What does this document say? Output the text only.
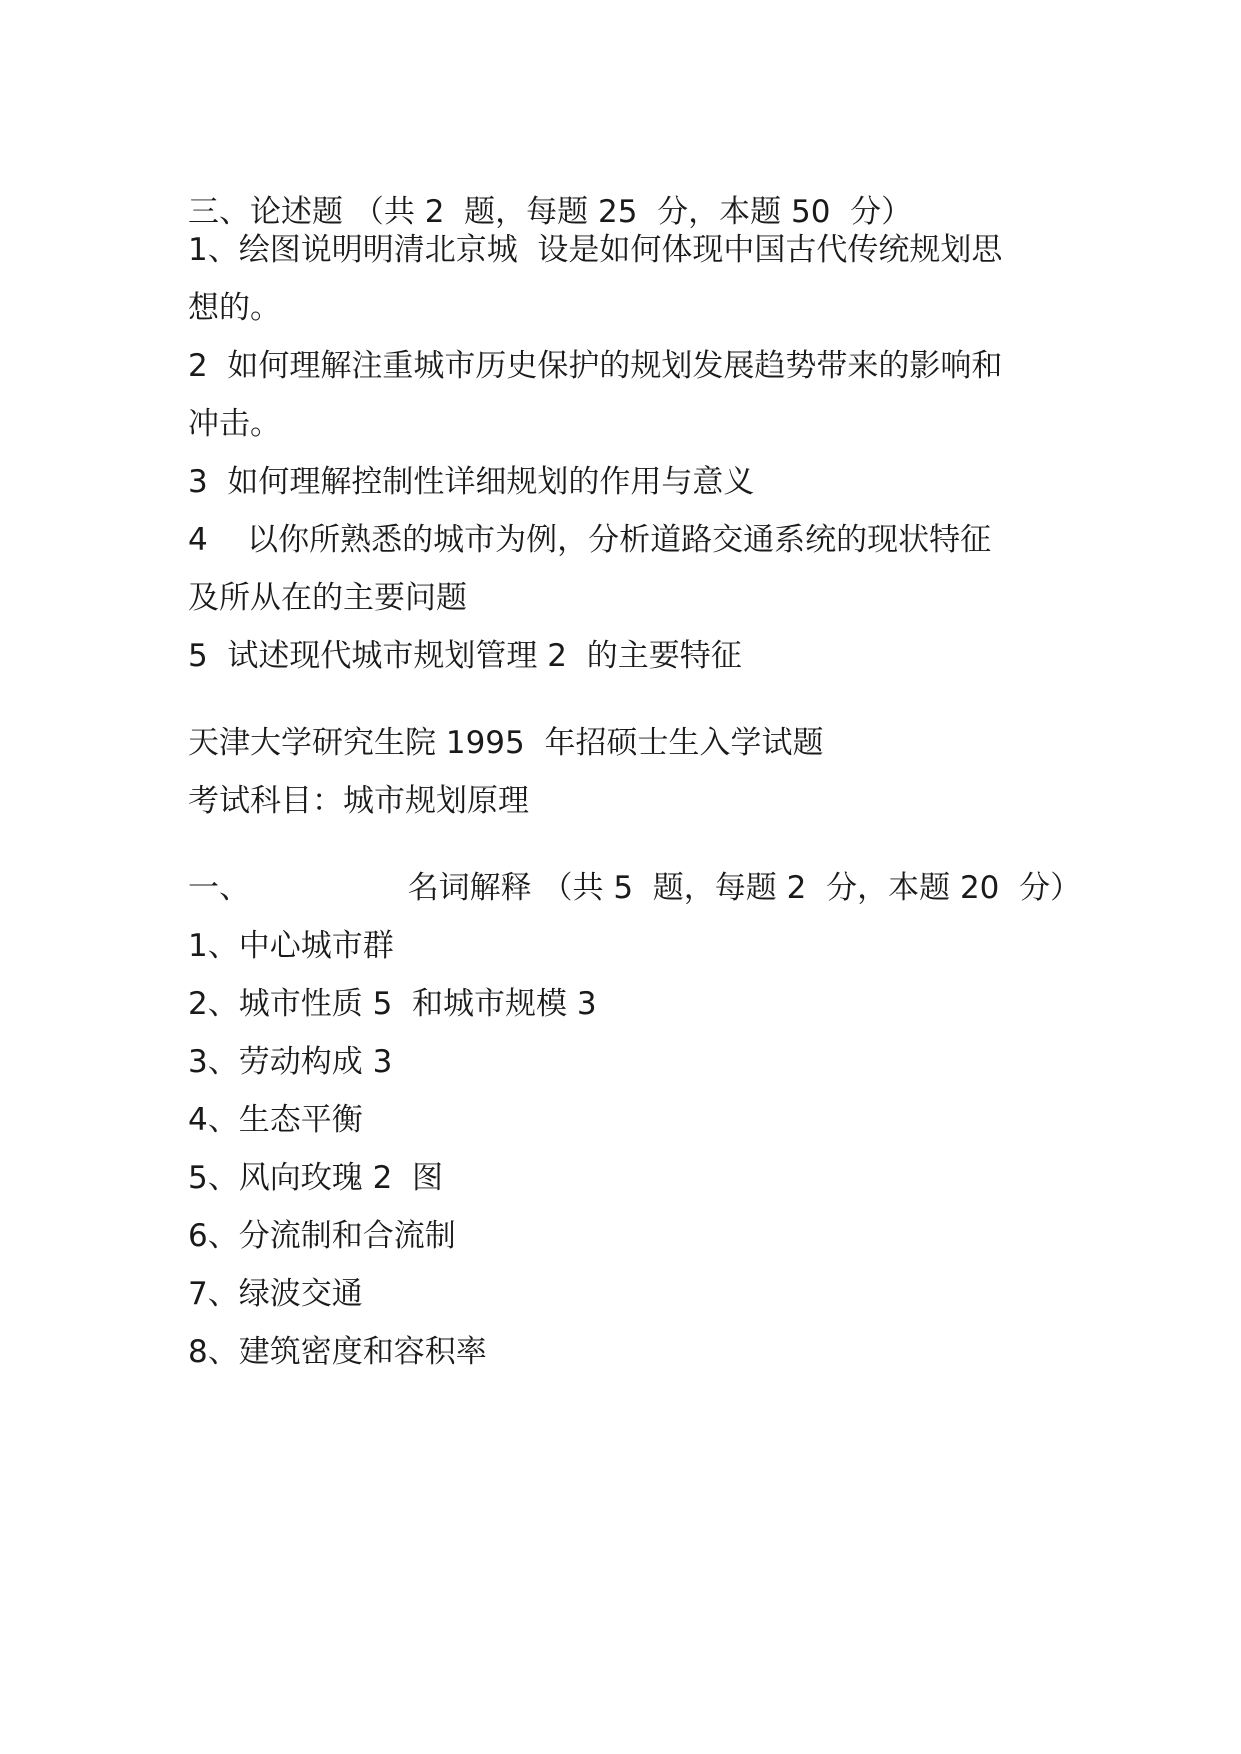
三、论述题 （共 2  题，每题 25  分，本题 50  分）
1、绘图说明明清北京城  设是如何体现中国古代传统规划思
想的。
2  如何理解注重城市历史保护的规划发展趋势带来的影响和
冲击。
3  如何理解控制性详细规划的作用与意义
4    以你所熟悉的城市为例，分析道路交通系统的现状特征
及所从在的主要问题
5  试述现代城市规划管理 2  的主要特征
天津大学研究生院 1995  年招硕士生入学试题
考试科目：城市规划原理
一、                名词解释 （共 5  题，每题 2  分，本题 20  分）
1、中心城市群
2、城市性质 5  和城市规模 3
3、劳动构成 3
4、生态平衡
5、风向玫瑰 2  图
6、分流制和合流制
7、绿波交通
8、建筑密度和容积率
